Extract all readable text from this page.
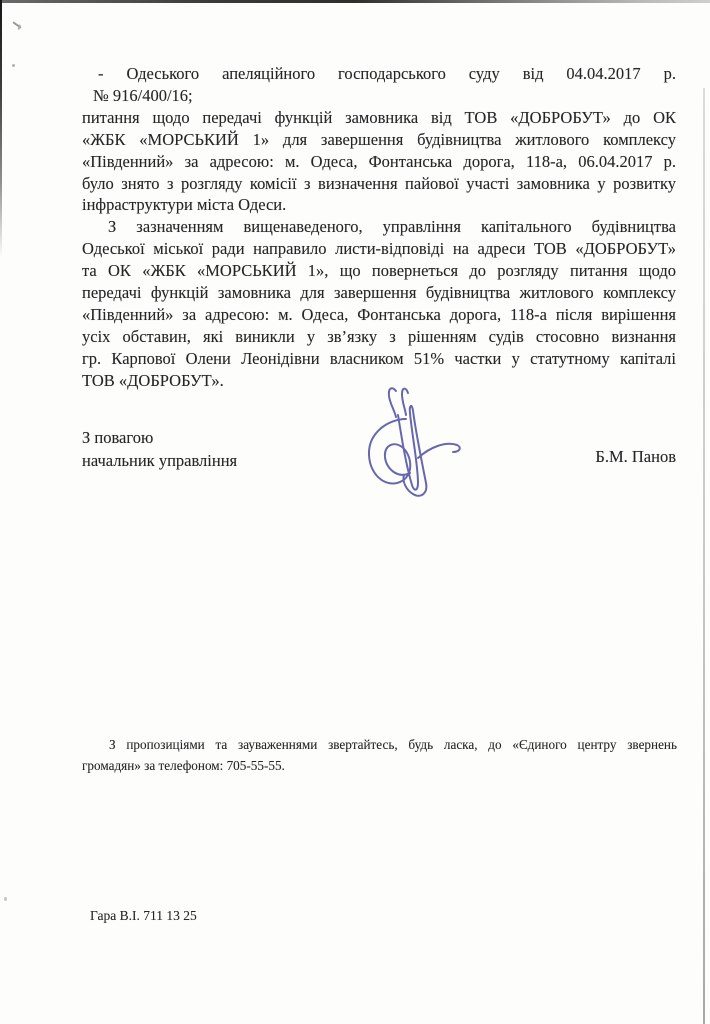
- Одеського апеляційного господарського суду від 04.04.2017 р.
№ 916/400/16;
питання щодо передачі функцій замовника від ТОВ «ДОБРОБУТ» до ОК
«ЖБК «МОРСЬКИЙ 1» для завершення будівництва житлового комплексу
«Південний» за адресою: м. Одеса, Фонтанська дорога, 118-а, 06.04.2017 р.
було знято з розгляду комісії з визначення пайової участі замовника у розвитку
інфраструктури міста Одеси.
З зазначенням вищенаведеного, управління капітального будівництва
Одеської міської ради направило листи-відповіді на адреси ТОВ «ДОБРОБУТ»
та ОК «ЖБК «МОРСЬКИЙ 1», що повернеться до розгляду питання щодо
передачі функцій замовника для завершення будівництва житлового комплексу
«Південний» за адресою: м. Одеса, Фонтанська дорога, 118-а після вирішення
усіх обставин, які виникли у зв’язку з рішенням судів стосовно визнання
гр. Карпової Олени Леонідівни власником 51% частки у статутному капіталі
ТОВ «ДОБРОБУТ».
З повагою
начальник управління	Б.М. Панов
З пропозиціями та зауваженнями звертайтесь, будь ласка, до «Єдиного центру звернень
громадян» за телефоном: 705-55-55.
Гара В.І. 711 13 25
